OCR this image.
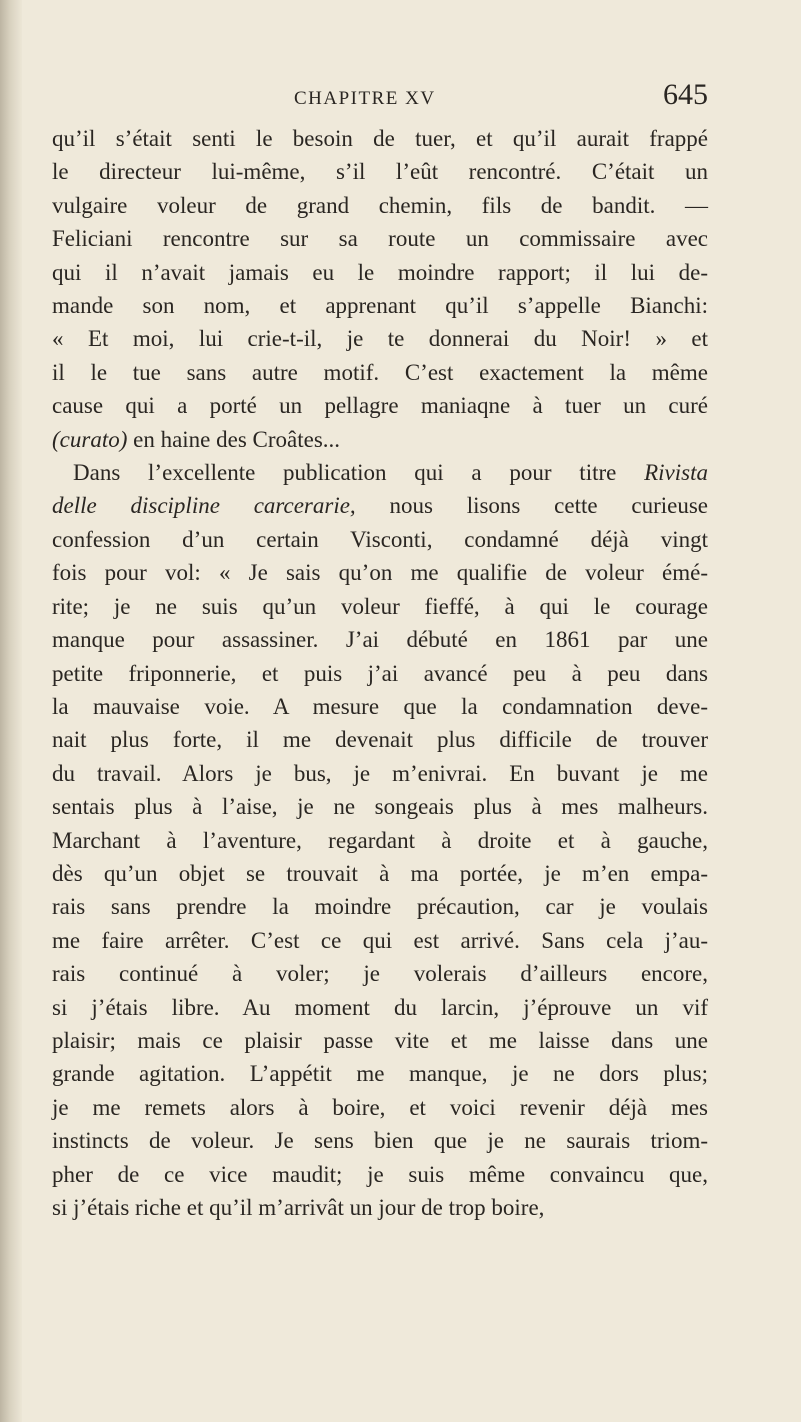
CHAPITRE XV	645
qu’il s’était senti le besoin de tuer, et qu’il aurait frappé
le directeur lui-même, s’il l’eût rencontré. C’était un
vulgaire voleur de grand chemin, fils de bandit. —
Feliciani rencontre sur sa route un commissaire avec
qui il n’avait jamais eu le moindre rapport; il lui de-
mande son nom, et apprenant qu’il s’appelle Bianchi:
« Et moi, lui crie-t-il, je te donnerai du Noir! » et
il le tue sans autre motif. C’est exactement la même
cause qui a porté un pellagre maniaqne à tuer un curé
(curato) en haine des Croâtes...
Dans l’excellente publication qui a pour titre Rivista
delle disciplinе carcerarie, nous lisons cette curieuse
confession d’un certain Visconti, condamné déjà vingt
fois pour vol: « Je sais qu’on me qualifie de voleur émé-
rite; je ne suis qu’un voleur fieffé, à qui le courage
manque pour assassiner. J’ai débuté en 1861 par une
petite friponnerie, et puis j’ai avancé peu à peu dans
la mauvaise voie. A mesure que la condamnation deve-
nait plus forte, il me devenait plus difficile de trouver
du travail. Alors je bus, je m’enivrai. En buvant je me
sentais plus à l’aise, je ne songeais plus à mes malheurs.
Marchant à l’aventure, regardant à droite et à gauche,
dès qu’un objet se trouvait à ma portée, je m’en empa-
rais sans prendre la moindre précaution, car je voulais
me faire arrêter. C’est ce qui est arrivé. Sans cela j’au-
rais continué à voler; je volerais d’ailleurs encore,
si j’étais libre. Au moment du larcin, j’éprouve un vif
plaisir; mais ce plaisir passe vite et me laisse dans une
grande agitation. L’appétit me manque, je ne dors plus;
je me remets alors à boire, et voici revenir déjà mes
instincts de voleur. Je sens bien que je ne saurais triom-
pher de ce vice maudit; je suis même convaincu que,
si j’étais riche et qu’il m’arrivât un jour de trop boire,
